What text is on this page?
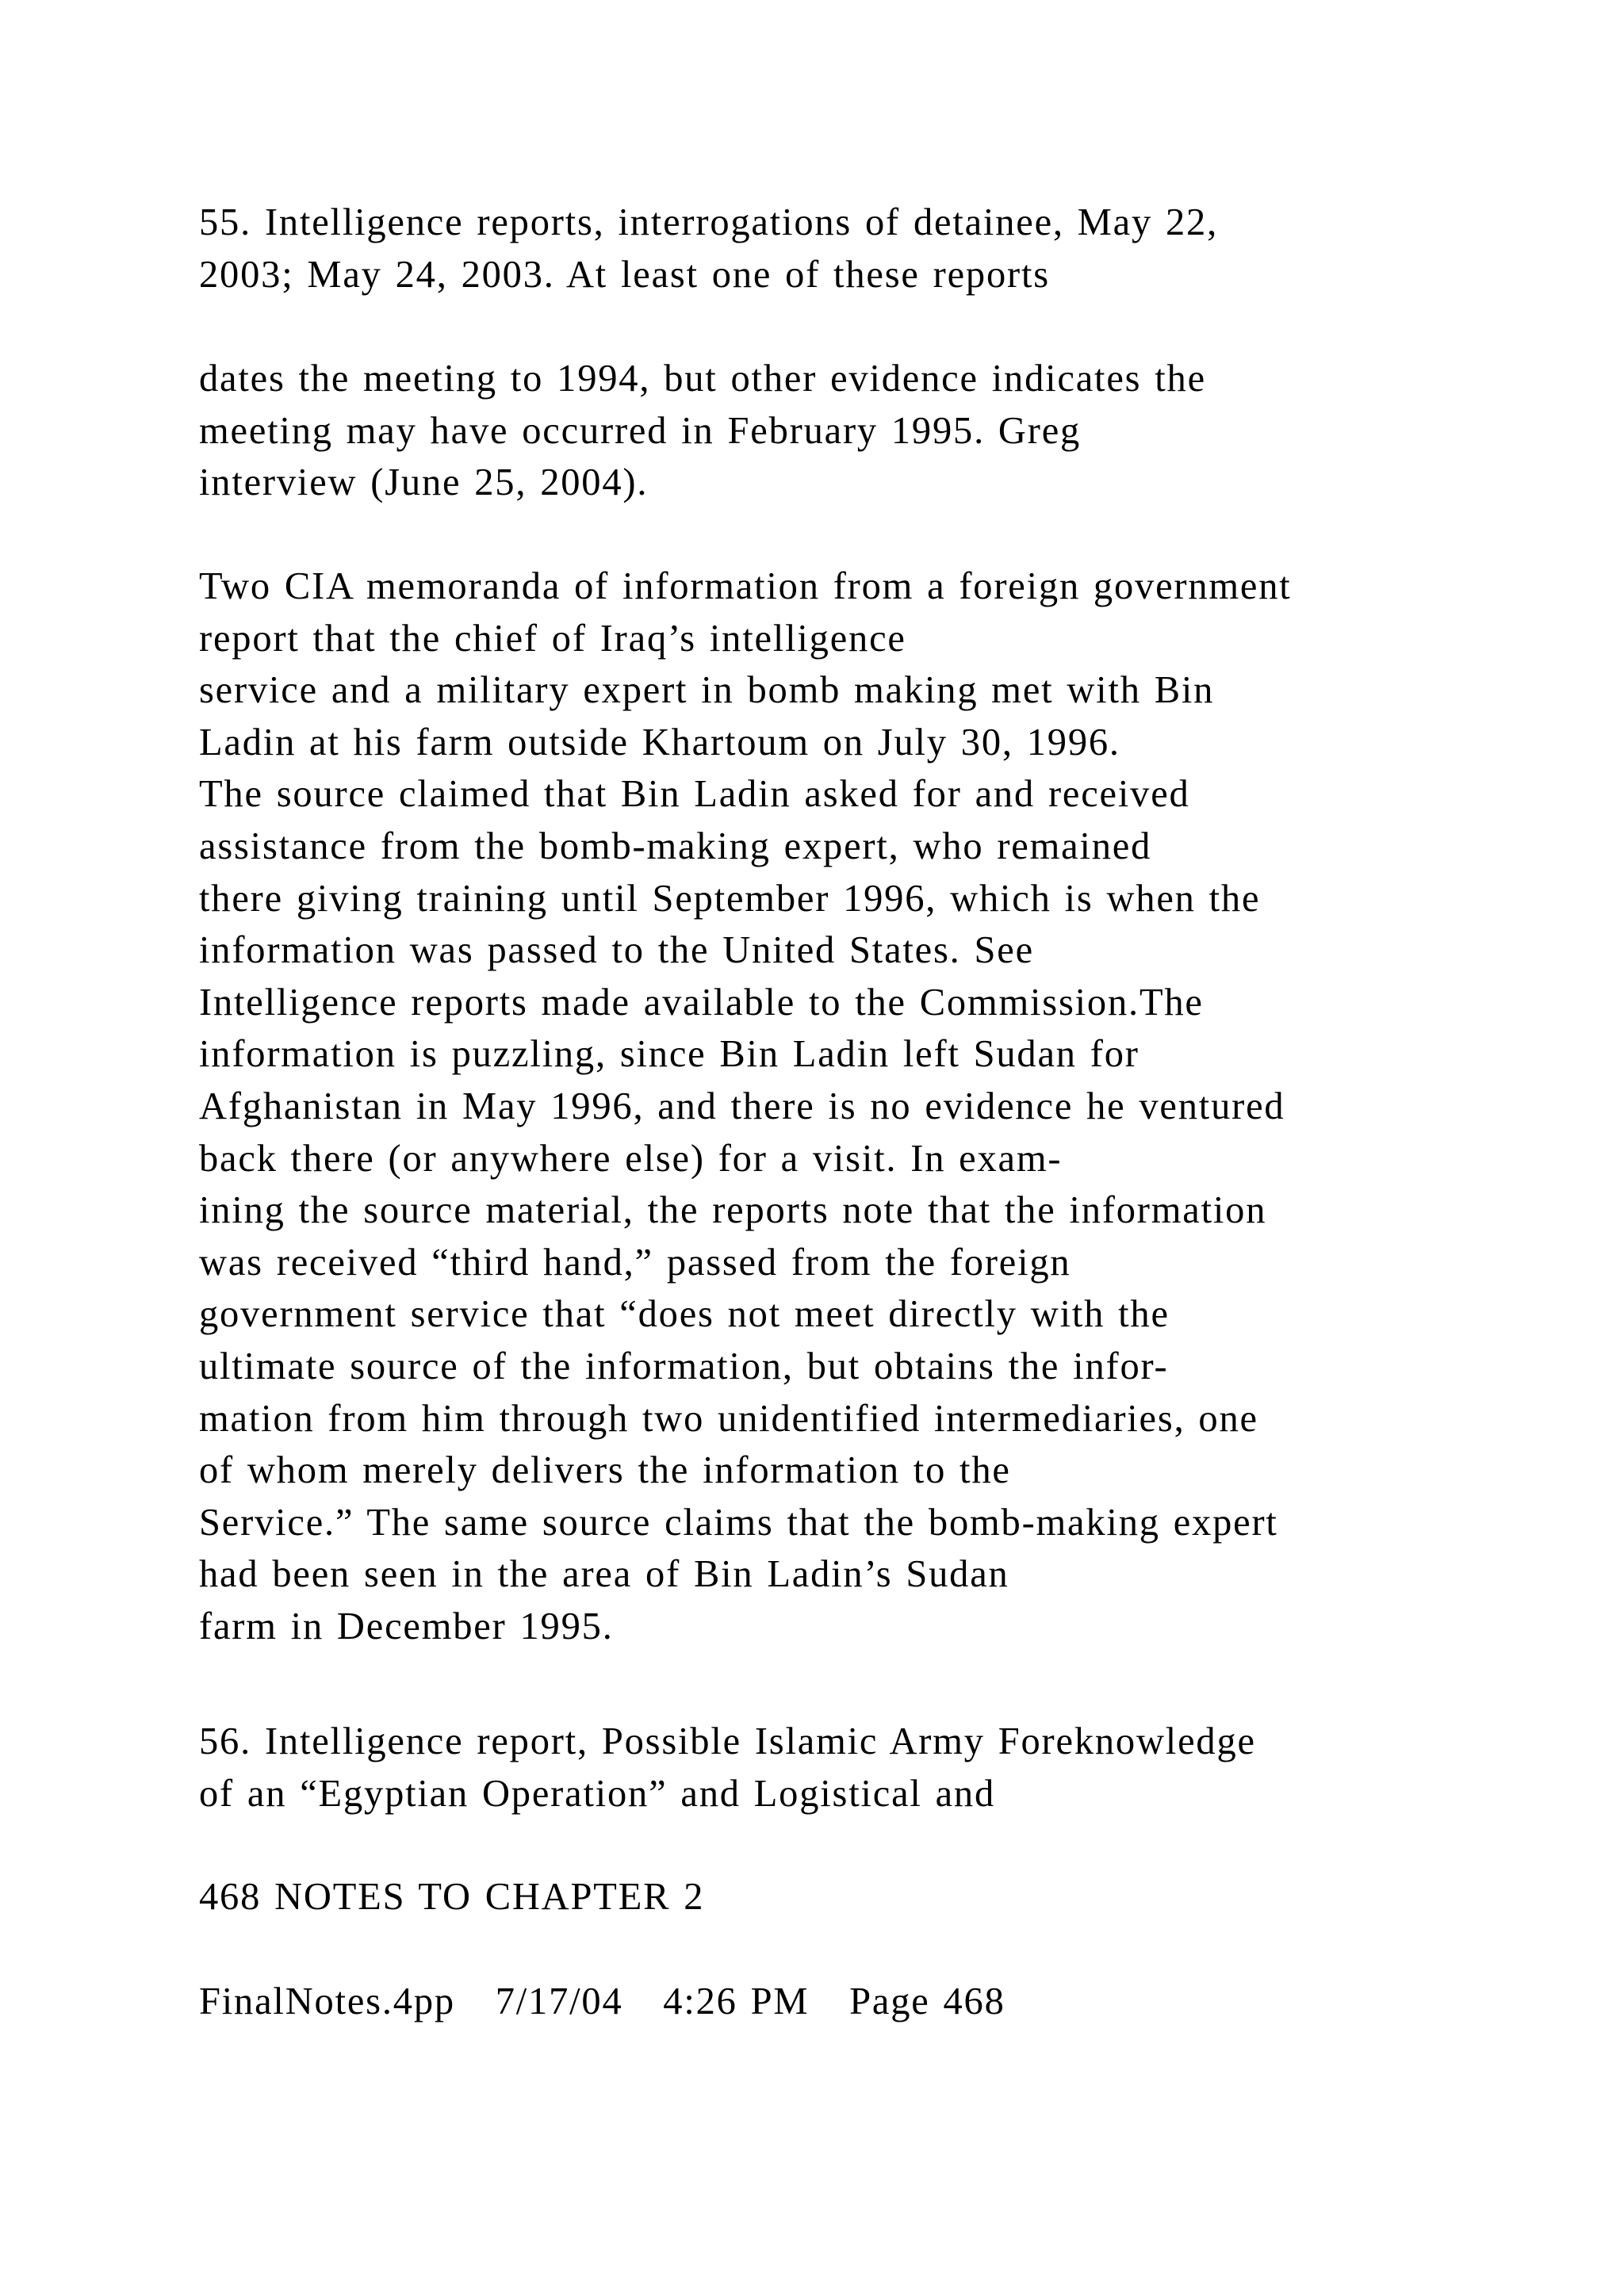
55. Intelligence reports, interrogations of detainee, May 22,
2003; May 24, 2003. At least one of these reports
dates the meeting to 1994, but other evidence indicates the
meeting may have occurred in February 1995. Greg
interview (June 25, 2004).
Two CIA memoranda of information from a foreign government
report that the chief of Iraq’s intelligence
service and a military expert in bomb making met with Bin
Ladin at his farm outside Khartoum on July 30, 1996.
The source claimed that Bin Ladin asked for and received
assistance from the bomb-making expert, who remained
there giving training until September 1996, which is when the
information was passed to the United States. See
Intelligence reports made available to the Commission.The
information is puzzling, since Bin Ladin left Sudan for
Afghanistan in May 1996, and there is no evidence he ventured
back there (or anywhere else) for a visit. In exam-
ining the source material, the reports note that the information
was received “third hand,” passed from the foreign
government service that “does not meet directly with the
ultimate source of the information, but obtains the infor-
mation from him through two unidentified intermediaries, one
of whom merely delivers the information to the
Service.” The same source claims that the bomb-making expert
had been seen in the area of Bin Ladin’s Sudan
farm in December 1995.
56. Intelligence report, Possible Islamic Army Foreknowledge
of an “Egyptian Operation” and Logistical and
468 NOTES TO CHAPTER 2
FinalNotes.4pp   7/17/04   4:26 PM   Page 468
